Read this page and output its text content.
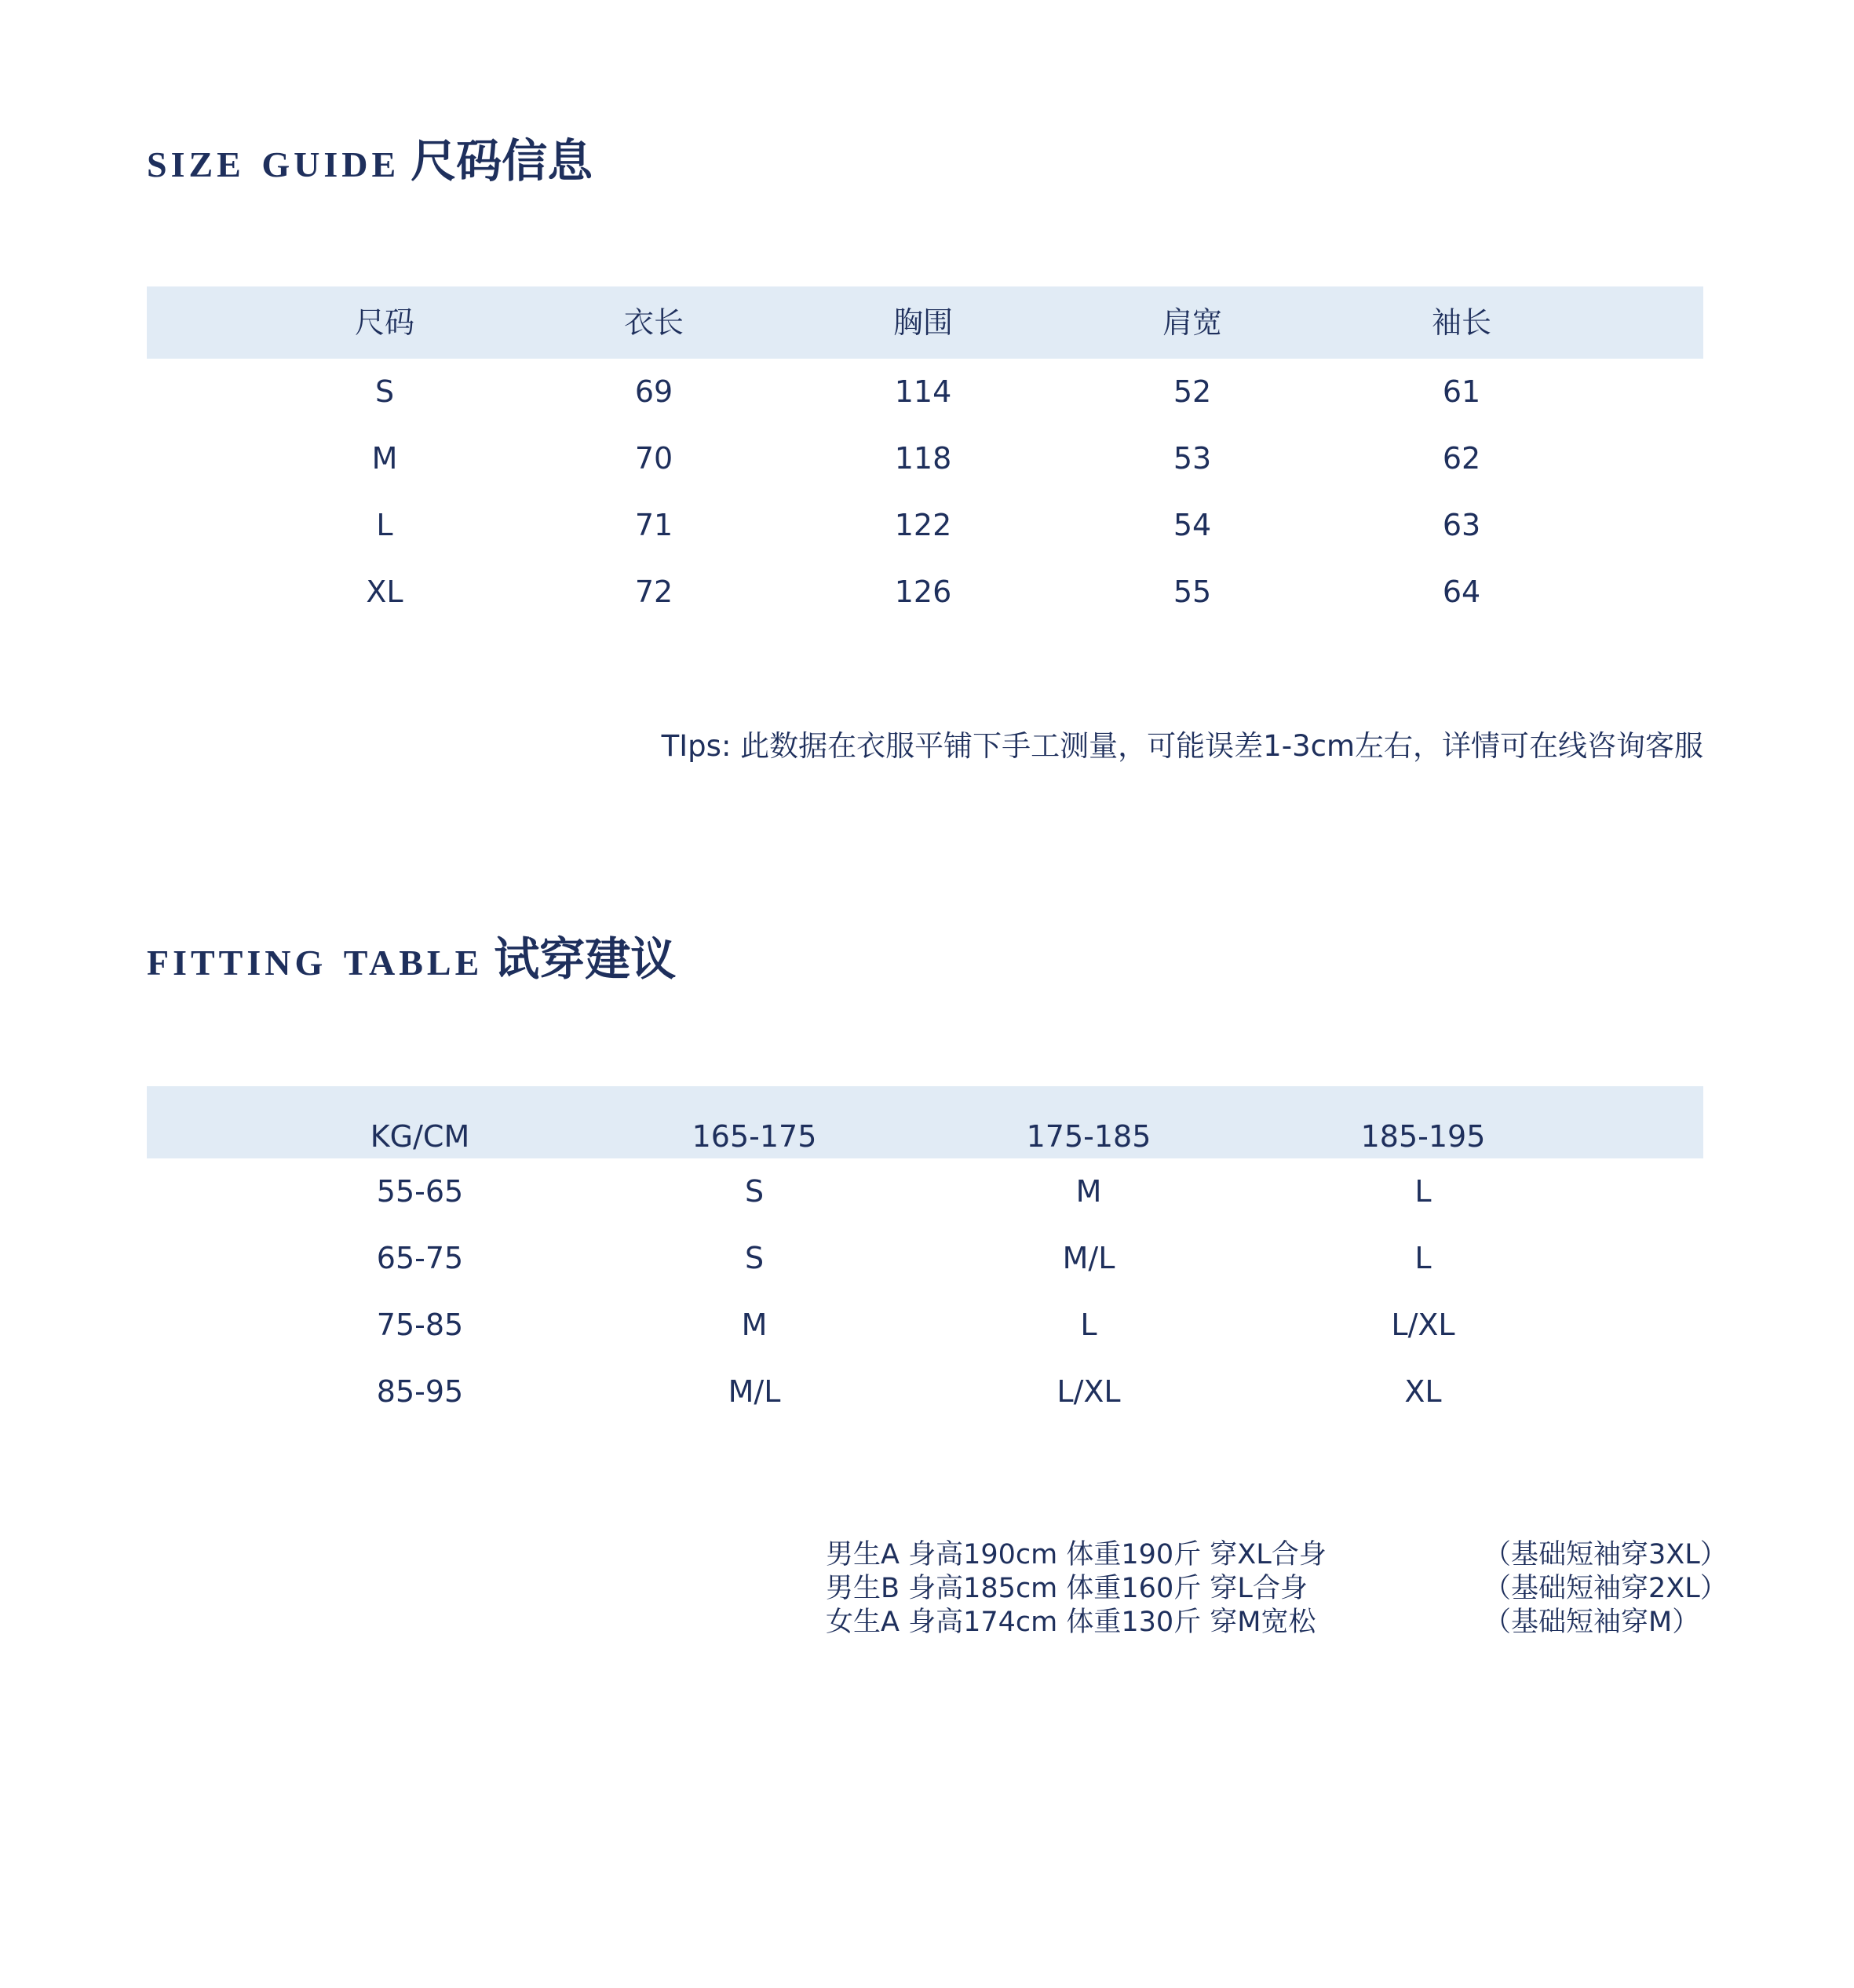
size guide 尺码信息
尺码	衣长	胸围	肩宽	袖长
S	69	114	52	61
M	70	118	53	62
L	71	122	54	63
XL	72	126	55	64
TIps: 此数据在衣服平铺下手工测量，可能误差1-3cm左右，详情可在线咨询客服
fitting table 试穿建议
KG/CM	165-175	175-185	185-195
55-65	S	M	L
65-75	S	M/L	L
75-85	M	L	L/XL
85-95	M/L	L/XL	XL
男生A 身高190cm 体重190斤 穿XL合身	（基础短袖穿3XL）
男生B 身高185cm 体重160斤 穿L合身	（基础短袖穿2XL）
女生A 身高174cm 体重130斤 穿M宽松	（基础短袖穿M）
